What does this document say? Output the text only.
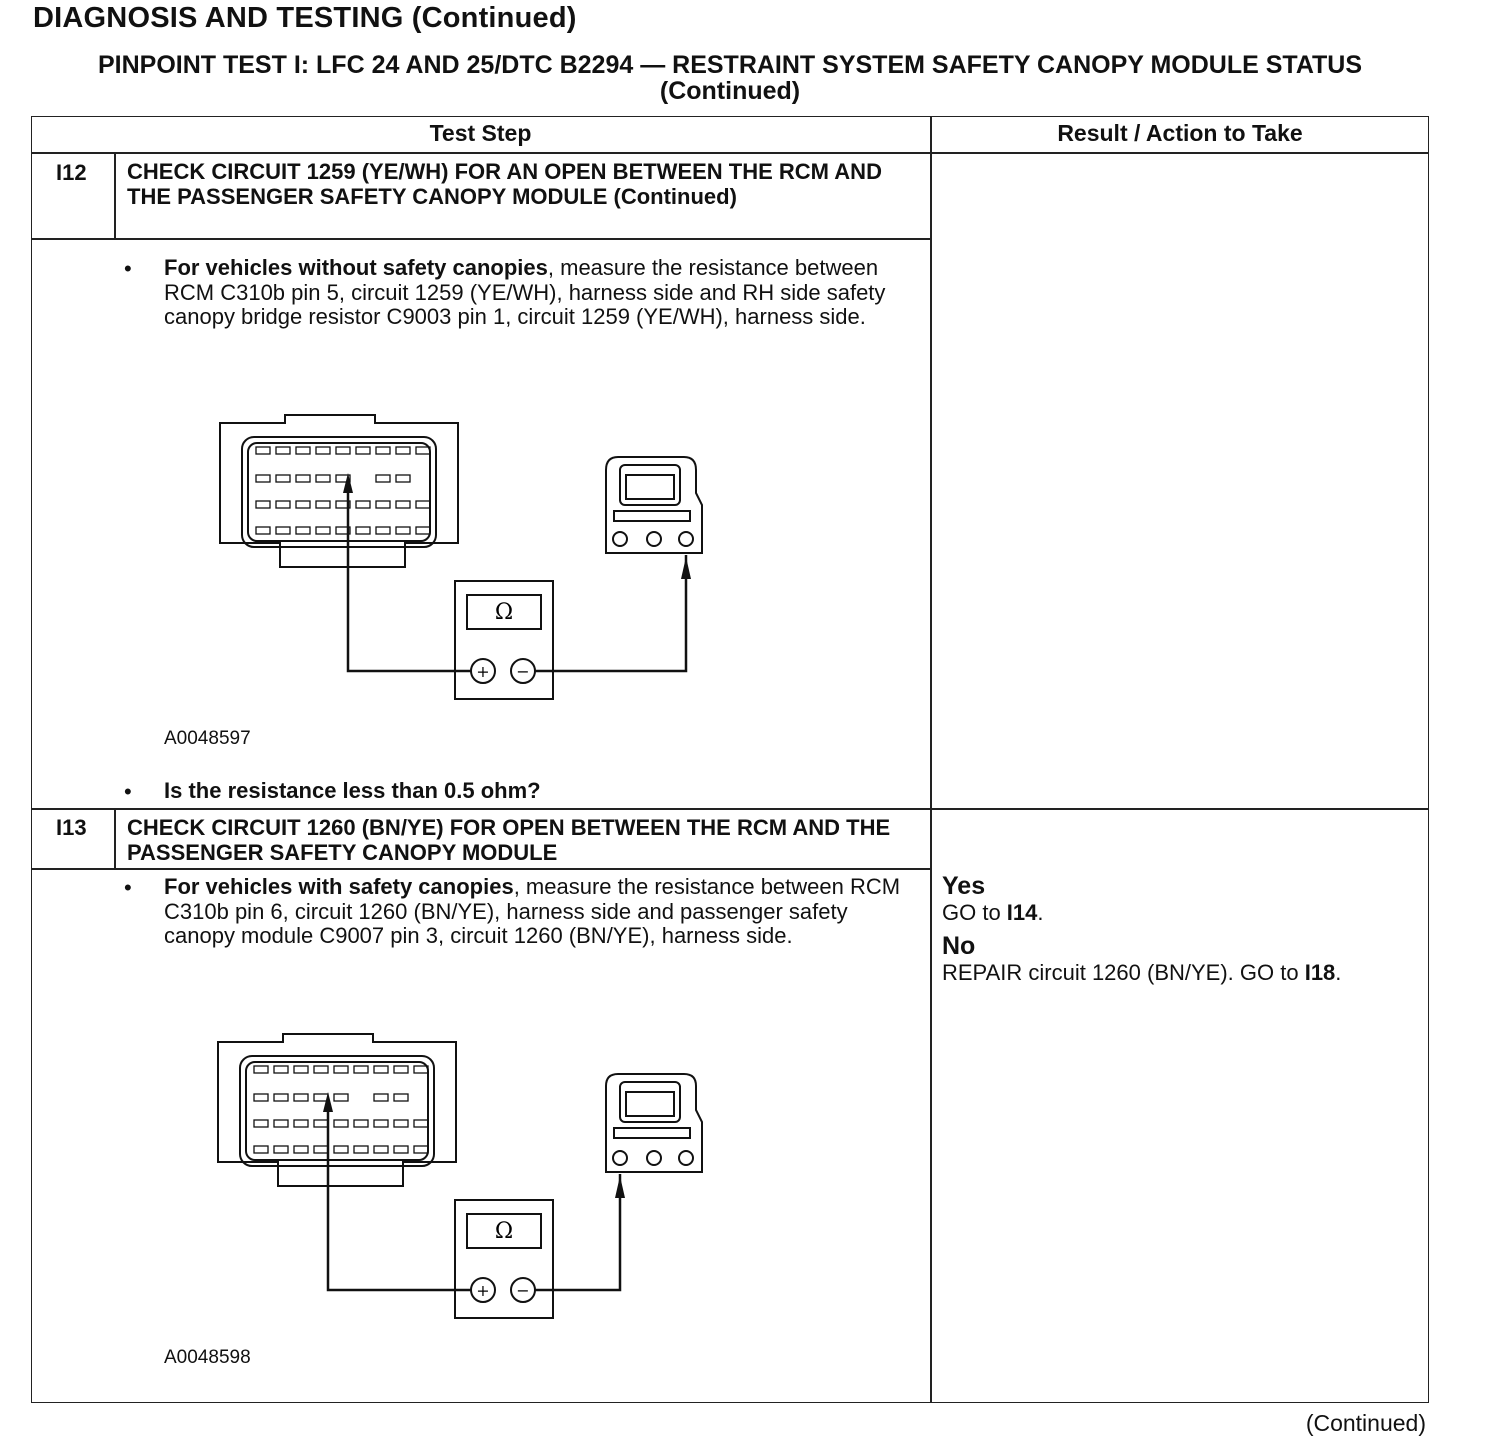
DIAGNOSIS AND TESTING (Continued)
PINPOINT TEST I: LFC 24 AND 25/DTC B2294 — RESTRAINT SYSTEM SAFETY CANOPY MODULE STATUS (Continued)
Test Step	Result / Action to Take
I12 CHECK CIRCUIT 1259 (YE/WH) FOR AN OPEN BETWEEN THE RCM AND THE PASSENGER SAFETY CANOPY MODULE (Continued)
• For vehicles without safety canopies, measure the resistance between RCM C310b pin 5, circuit 1259 (YE/WH), harness side and RH side safety canopy bridge resistor C9003 pin 1, circuit 1259 (YE/WH), harness side.
Ω
+ −
A0048597
• Is the resistance less than 0.5 ohm?
I13 CHECK CIRCUIT 1260 (BN/YE) FOR OPEN BETWEEN THE RCM AND THE PASSENGER SAFETY CANOPY MODULE
• For vehicles with safety canopies, measure the resistance between RCM C310b pin 6, circuit 1260 (BN/YE), harness side and passenger safety canopy module C9007 pin 3, circuit 1260 (BN/YE), harness side.
Yes
GO to I14.
No
REPAIR circuit 1260 (BN/YE). GO to I18.
Ω
+ −
A0048598
(Continued)
